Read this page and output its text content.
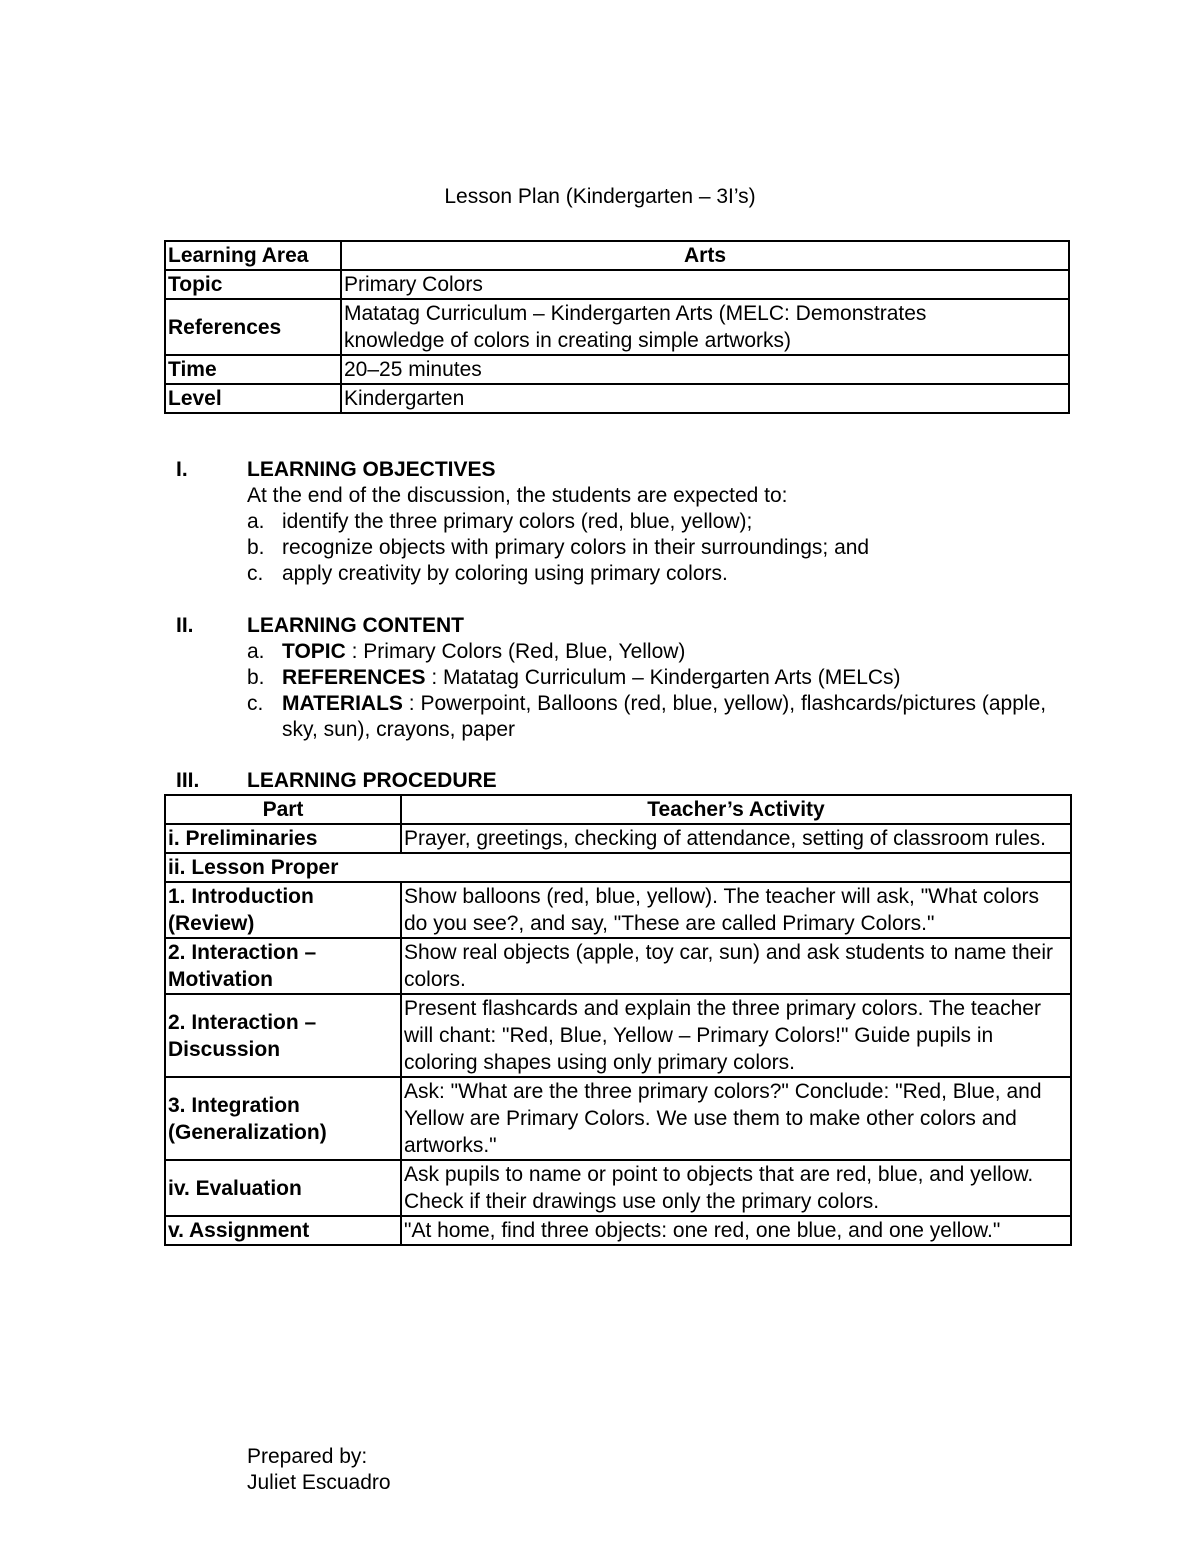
Lesson Plan (Kindergarten – 3I’s)
Learning Area	Arts
Topic	Primary Colors
References	Matatag Curriculum – Kindergarten Arts (MELC: Demonstrates
knowledge of colors in creating simple artworks)

Time	20–25 minutes
Level	Kindergarten
I.	LEARNING OBJECTIVES
At the end of the discussion, the students are expected to:
a. identify the three primary colors (red, blue, yellow);
b. recognize objects with primary colors in their surroundings; and
c. apply creativity by coloring using primary colors.
II.	LEARNING CONTENT
a. TOPIC : Primary Colors (Red, Blue, Yellow)
b. REFERENCES : Matatag Curriculum – Kindergarten Arts (MELCs)
c. MATERIALS : Powerpoint, Balloons (red, blue, yellow), flashcards/pictures (apple, sky, sun), crayons, paper
III. LEARNING PROCEDURE
Part	Teacher’s Activity
i. Preliminaries	Prayer, greetings, checking of attendance, setting of classroom rules.
ii. Lesson Proper	

1. Introduction
(Review)	Show balloons (red, blue, yellow). The teacher will ask, "What colors do you see?, and say, "These are called Primary Colors."

2. Interaction –
Motivation	Show real objects (apple, toy car, sun) and ask students to name their colors.

2. Interaction –
Discussion	Present flashcards and explain the three primary colors. The teacher will chant: "Red, Blue, Yellow – Primary Colors!" Guide pupils in coloring shapes using only primary colors.

3. Integration
(Generalization)	Ask: "What are the three primary colors?" Conclude: "Red, Blue, and Yellow are Primary Colors. We use them to make other colors and artworks."
iv. Evaluation	Ask pupils to name or point to objects that are red, blue, and yellow. Check if their drawings use only the primary colors.
v. Assignment	"At home, find three objects: one red, one blue, and one yellow."
Prepared by:
Juliet Escuadro
